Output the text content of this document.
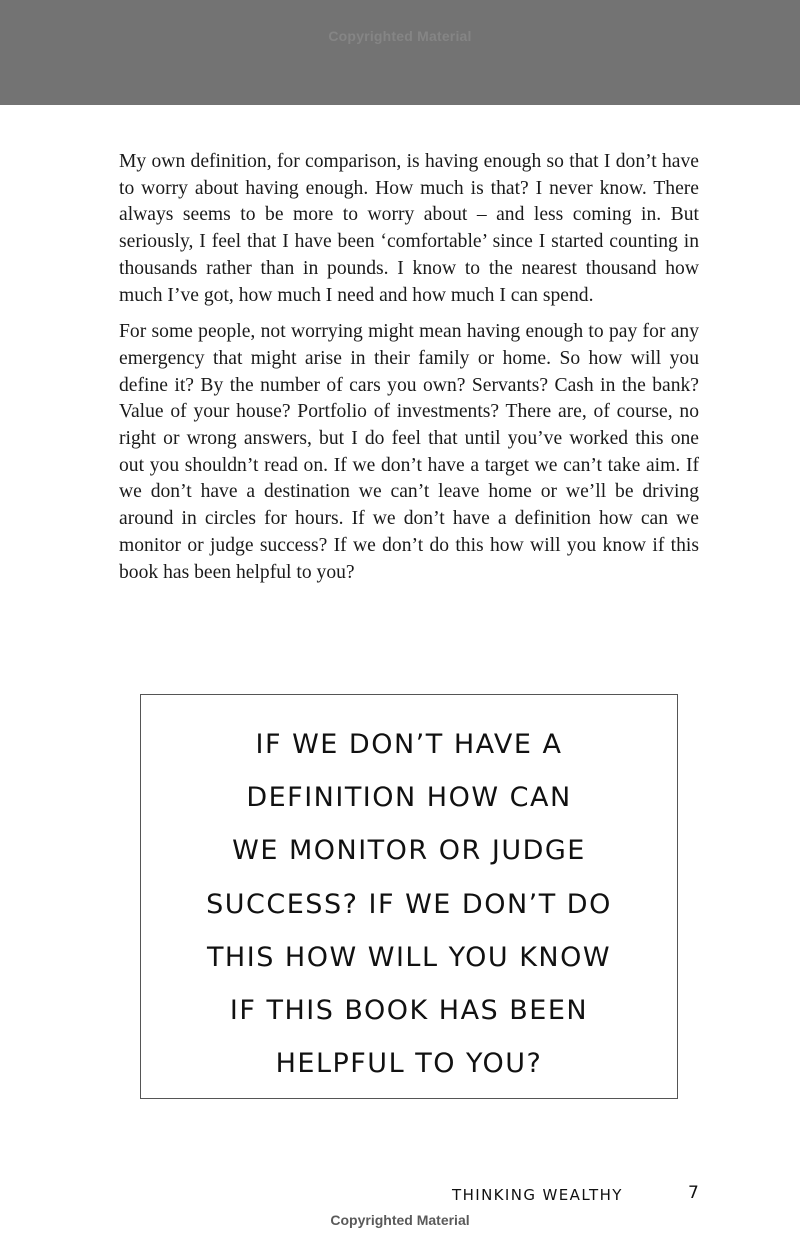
Copyrighted Material

My own definition, for comparison, is having enough so that I don’t have to worry about having enough. How much is that? I never know. There always seems to be more to worry about – and less coming in. But seriously, I feel that I have been ‘comfortable’ since I started counting in thousands rather than in pounds. I know to the nearest thousand how much I’ve got, how much I need and how much I can spend.

For some people, not worrying might mean having enough to pay for any emergency that might arise in their family or home. So how will you define it? By the number of cars you own? Servants? Cash in the bank? Value of your house? Portfolio of investments? There are, of course, no right or wrong answers, but I do feel that until you’ve worked this one out you shouldn’t read on. If we don’t have a target we can’t take aim. If we don’t have a destination we can’t leave home or we’ll be driving around in circles for hours. If we don’t have a definition how can we monitor or judge success? If we don’t do this how will you know if this book has been helpful to you?

IF WE DON’T HAVE A
DEFINITION HOW CAN
WE MONITOR OR JUDGE
SUCCESS? IF WE DON’T DO
THIS HOW WILL YOU KNOW
IF THIS BOOK HAS BEEN
HELPFUL TO YOU?
THINKING WEALTHY	7
Copyrighted Material
